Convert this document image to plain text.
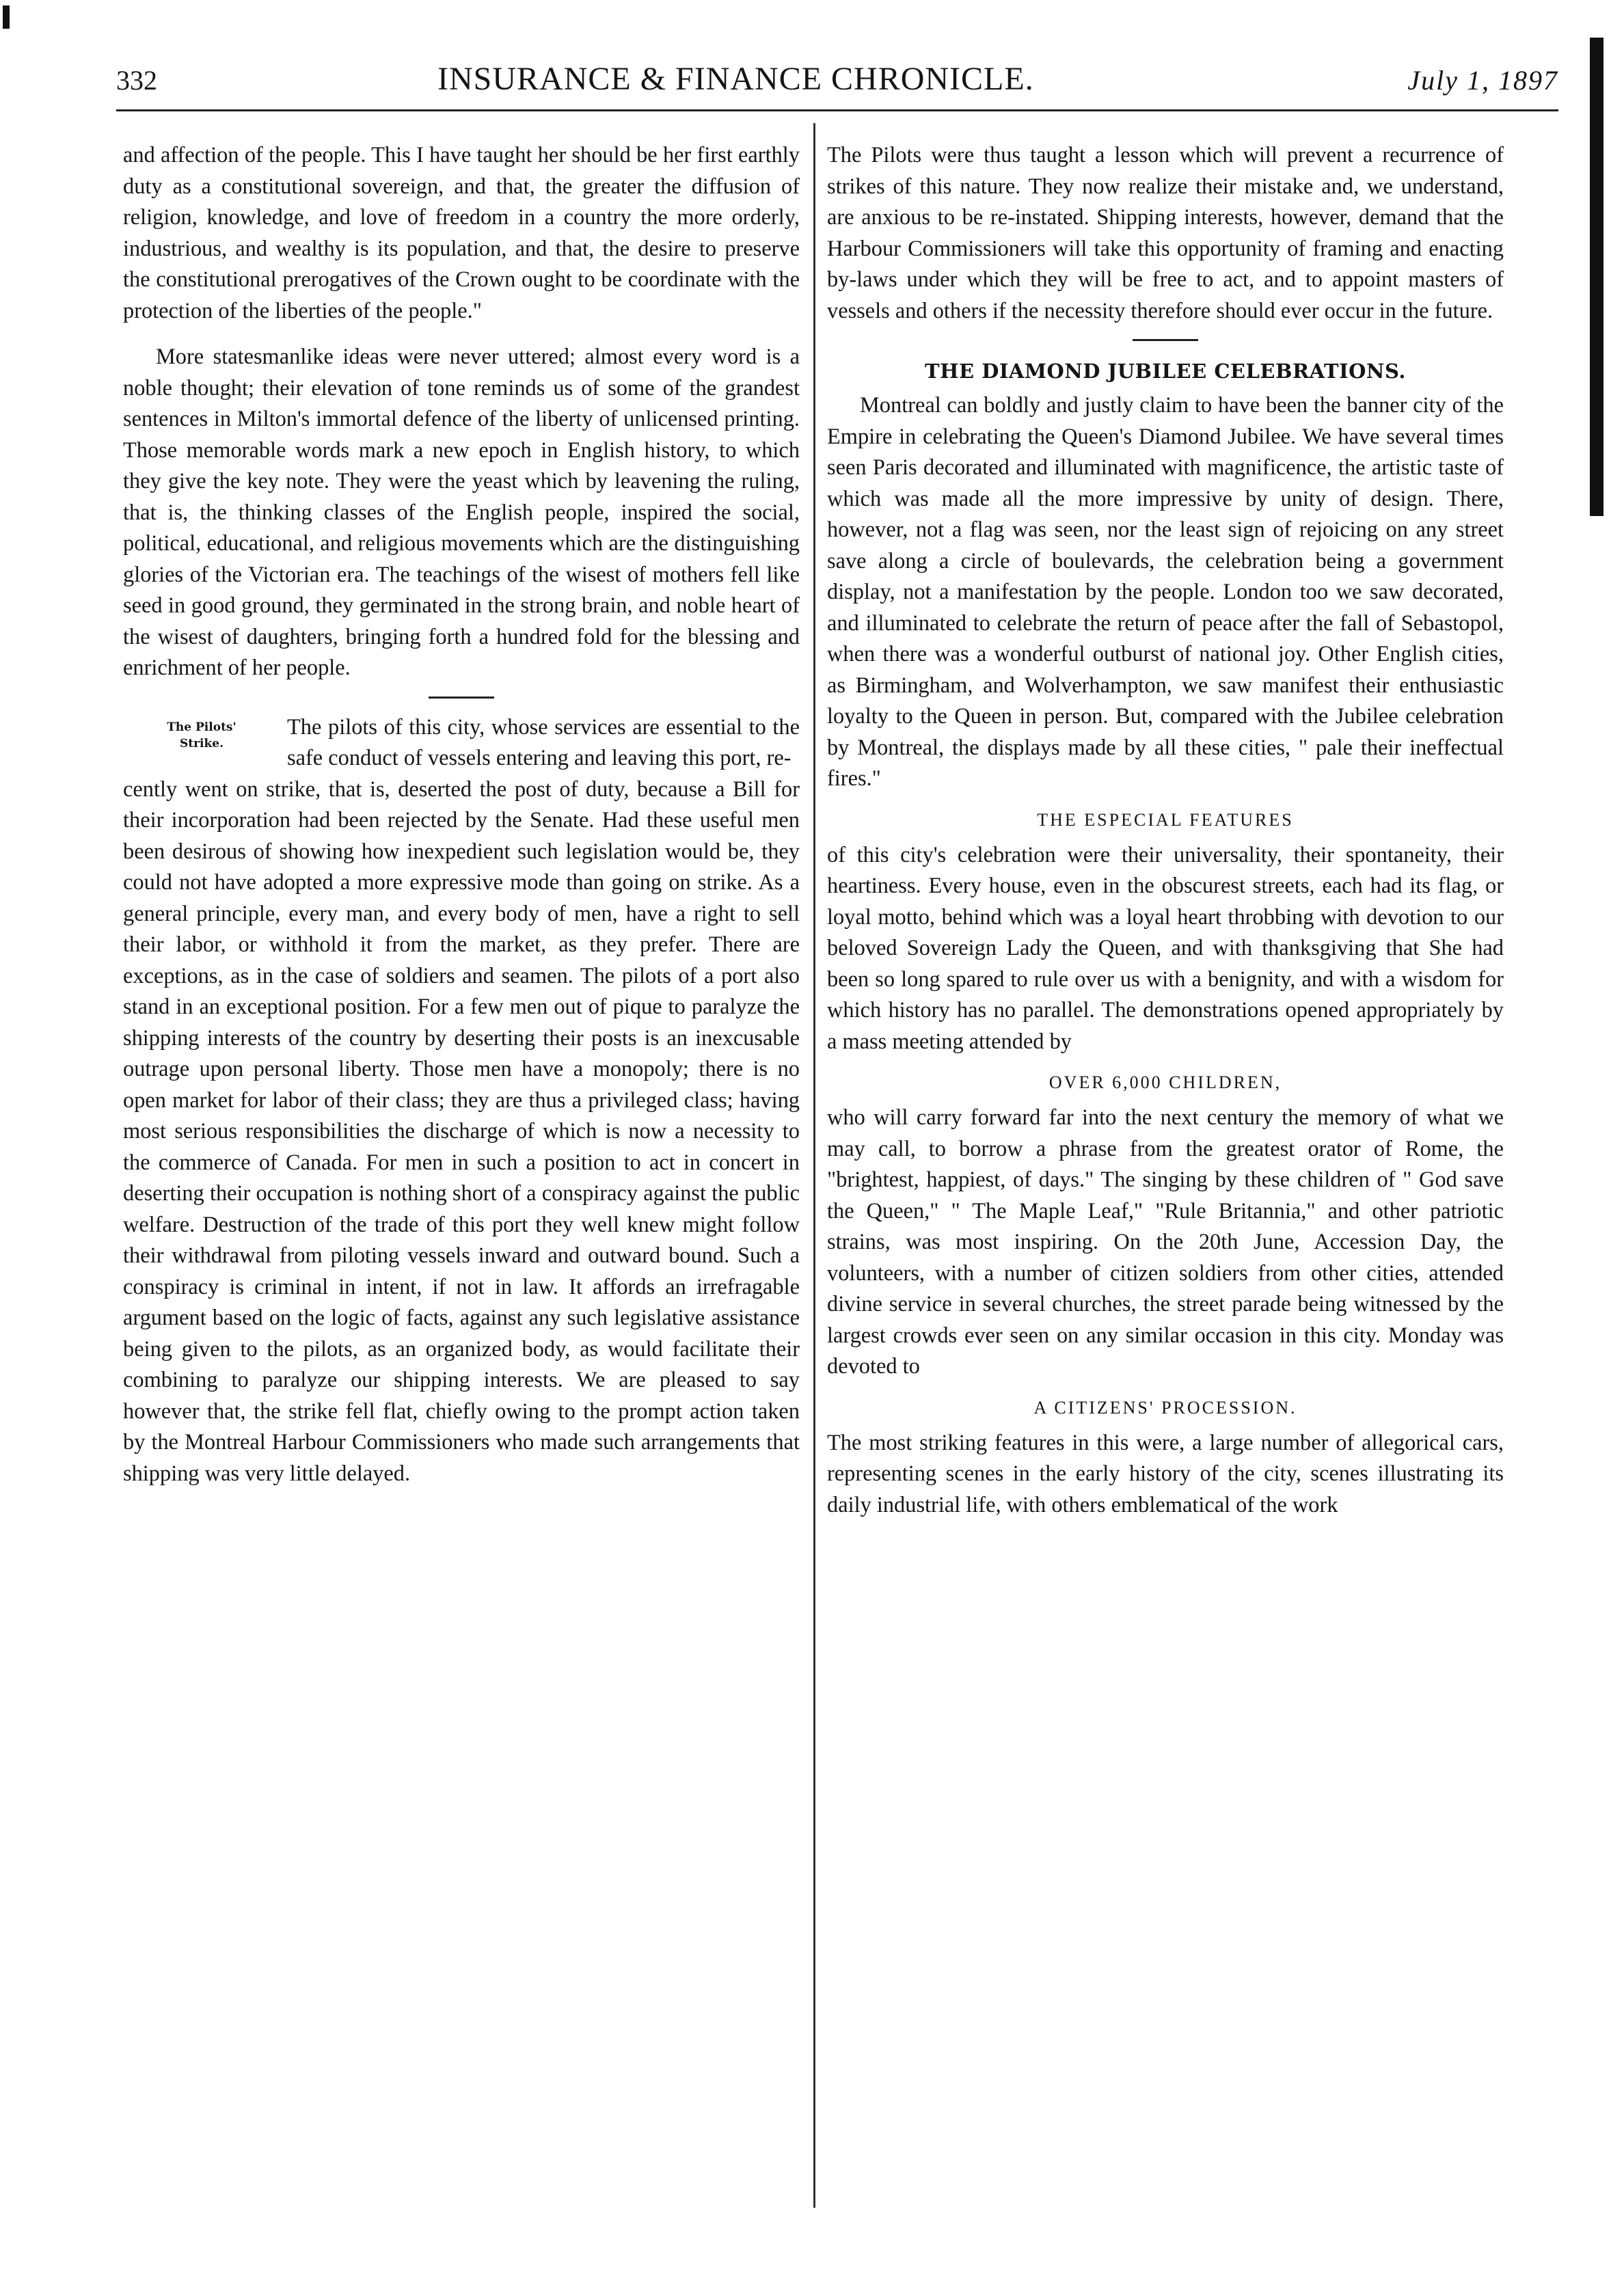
332	INSURANCE & FINANCE CHRONICLE.	July 1, 1897

and affection of the people. This I have taught her should be her first earthly duty as a constitutional sovereign, and that, the greater the diffusion of religion, knowledge, and love of freedom in a country the more orderly, industrious, and wealthy is its population, and that, the desire to preserve the constitutional prerogatives of the Crown ought to be coordinate with the protection of the liberties of the people."

More statesmanlike ideas were never uttered; almost every word is a noble thought; their elevation of tone reminds us of some of the grandest sentences in Milton's immortal defence of the liberty of unlicensed printing. Those memorable words mark a new epoch in English history, to which they give the key note. They were the yeast which by leavening the ruling, that is, the thinking classes of the English people, inspired the social, political, educational, and religious movements which are the distinguishing glories of the Victorian era. The teachings of the wisest of mothers fell like seed in good ground, they germinated in the strong brain, and noble heart of the wisest of daughters, bringing forth a hundred fold for the blessing and enrichment of her people.

The Pilots' Strike.
The pilots of this city, whose services are essential to the safe conduct of vessels entering and leaving this port, re-

cently went on strike, that is, deserted the post of duty, because a Bill for their incorporation had been rejected by the Senate. Had these useful men been desirous of showing how inexpedient such legislation would be, they could not have adopted a more expressive mode than going on strike. As a general principle, every man, and every body of men, have a right to sell their labor, or withhold it from the market, as they prefer. There are exceptions, as in the case of soldiers and seamen. The pilots of a port also stand in an exceptional position. For a few men out of pique to paralyze the shipping interests of the country by deserting their posts is an inexcusable outrage upon personal liberty. Those men have a monopoly; there is no open market for labor of their class; they are thus a privileged class; having most serious responsibilities the discharge of which is now a necessity to the commerce of Canada. For men in such a position to act in concert in deserting their occupation is nothing short of a conspiracy against the public welfare. Destruction of the trade of this port they well knew might follow their withdrawal from piloting vessels inward and outward bound. Such a conspiracy is criminal in intent, if not in law. It affords an irrefragable argument based on the logic of facts, against any such legislative assistance being given to the pilots, as an organized body, as would facilitate their combining to paralyze our shipping interests. We are pleased to say however that, the strike fell flat, chiefly owing to the prompt action taken by the Montreal Harbour Commissioners who made such arrangements that shipping was very little delayed.

The Pilots were thus taught a lesson which will prevent a recurrence of strikes of this nature. They now realize their mistake and, we understand, are anxious to be re-instated. Shipping interests, however, demand that the Harbour Commissioners will take this opportunity of framing and enacting by-laws under which they will be free to act, and to appoint masters of vessels and others if the necessity therefore should ever occur in the future.

THE DIAMOND JUBILEE CELEBRATIONS.

Montreal can boldly and justly claim to have been the banner city of the Empire in celebrating the Queen's Diamond Jubilee. We have several times seen Paris decorated and illuminated with magnificence, the artistic taste of which was made all the more impressive by unity of design. There, however, not a flag was seen, nor the least sign of rejoicing on any street save along a circle of boulevards, the celebration being a government display, not a manifestation by the people. London too we saw decorated, and illuminated to celebrate the return of peace after the fall of Sebastopol, when there was a wonderful outburst of national joy. Other English cities, as Birmingham, and Wolverhampton, we saw manifest their enthusiastic loyalty to the Queen in person. But, compared with the Jubilee celebration by Montreal, the displays made by all these cities, " pale their ineffectual fires."

THE ESPECIAL FEATURES

of this city's celebration were their universality, their spontaneity, their heartiness. Every house, even in the obscurest streets, each had its flag, or loyal motto, behind which was a loyal heart throbbing with devotion to our beloved Sovereign Lady the Queen, and with thanksgiving that She had been so long spared to rule over us with a benignity, and with a wisdom for which history has no parallel. The demonstrations opened appropriately by a mass meeting attended by

OVER 6,000 CHILDREN,

who will carry forward far into the next century the memory of what we may call, to borrow a phrase from the greatest orator of Rome, the "brightest, happiest, of days." The singing by these children of " God save the Queen," " The Maple Leaf," "Rule Britannia," and other patriotic strains, was most inspiring. On the 20th June, Accession Day, the volunteers, with a number of citizen soldiers from other cities, attended divine service in several churches, the street parade being witnessed by the largest crowds ever seen on any similar occasion in this city. Monday was devoted to

A CITIZENS' PROCESSION.

The most striking features in this were, a large number of allegorical cars, representing scenes in the early history of the city, scenes illustrating its daily industrial life, with others emblematical of the work
